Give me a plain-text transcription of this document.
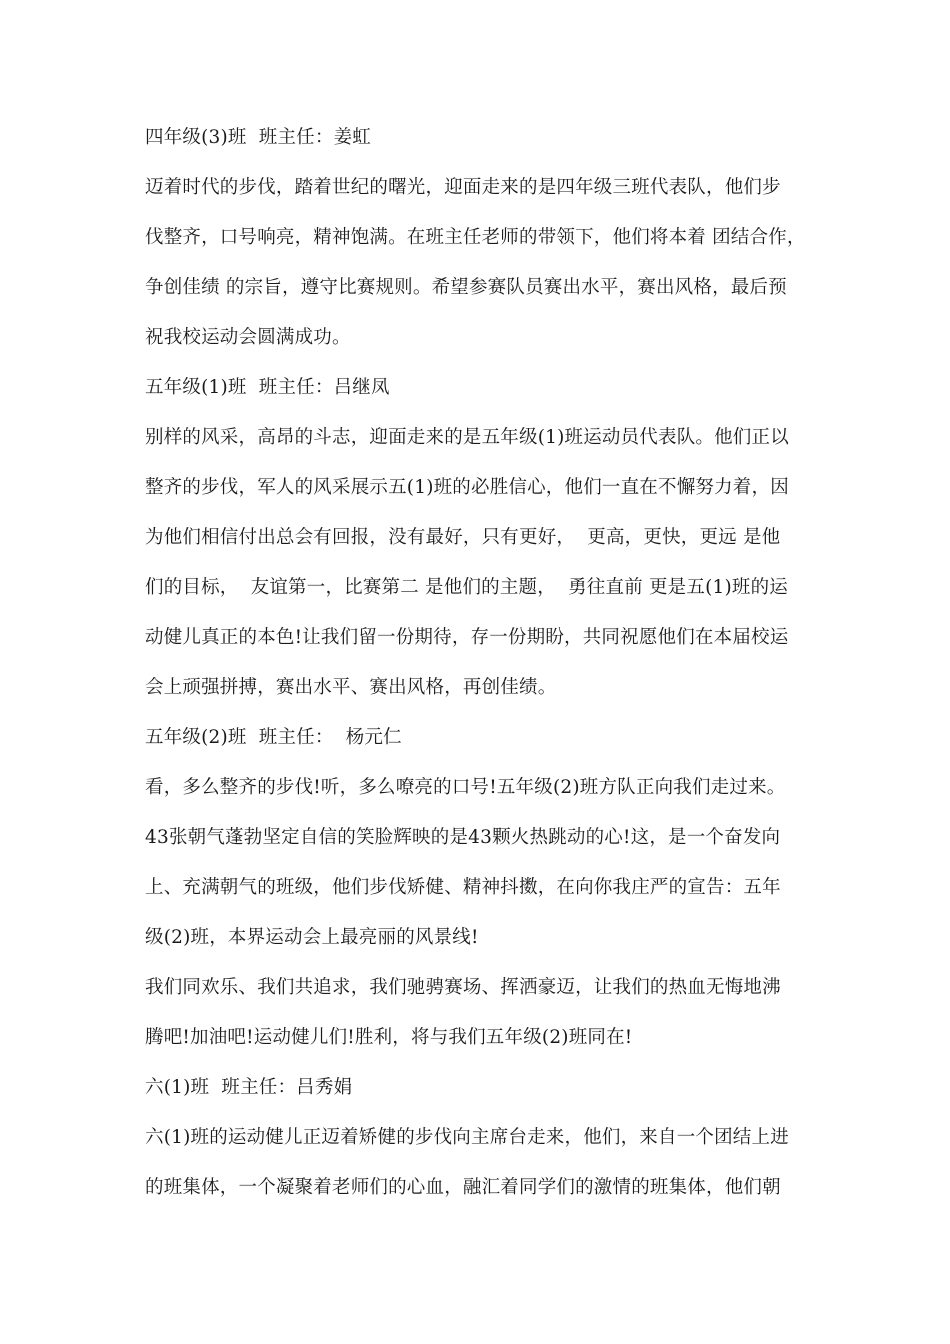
四年级(3)班  班主任：姜虹
迈着时代的步伐，踏着世纪的曙光，迎面走来的是四年级三班代表队，他们步
伐整齐，口号响亮，精神饱满。在班主任老师的带领下，他们将本着 团结合作，
争创佳绩 的宗旨，遵守比赛规则。希望参赛队员赛出水平，赛出风格，最后预
祝我校运动会圆满成功。
五年级(1)班  班主任：吕继凤
别样的风采，高昂的斗志，迎面走来的是五年级(1)班运动员代表队。他们正以
整齐的步伐，军人的风采展示五(1)班的必胜信心，他们一直在不懈努力着，因
为他们相信付出总会有回报，没有最好，只有更好，  更高，更快，更远 是他
们的目标，  友谊第一，比赛第二 是他们的主题，  勇往直前 更是五(1)班的运
动健儿真正的本色!让我们留一份期待，存一份期盼，共同祝愿他们在本届校运
会上顽强拼搏，赛出水平、赛出风格，再创佳绩。
五年级(2)班  班主任：  杨元仁
看，多么整齐的步伐!听，多么嘹亮的口号!五年级(2)班方队正向我们走过来。
43张朝气蓬勃坚定自信的笑脸辉映的是43颗火热跳动的心!这，是一个奋发向
上、充满朝气的班级，他们步伐矫健、精神抖擞，在向你我庄严的宣告：五年
级(2)班，本界运动会上最亮丽的风景线!
我们同欢乐、我们共追求，我们驰骋赛场、挥洒豪迈，让我们的热血无悔地沸
腾吧!加油吧!运动健儿们!胜利，将与我们五年级(2)班同在!
六(1)班  班主任：吕秀娟
六(1)班的运动健儿正迈着矫健的步伐向主席台走来，他们，来自一个团结上进
的班集体，一个凝聚着老师们的心血，融汇着同学们的激情的班集体，他们朝
